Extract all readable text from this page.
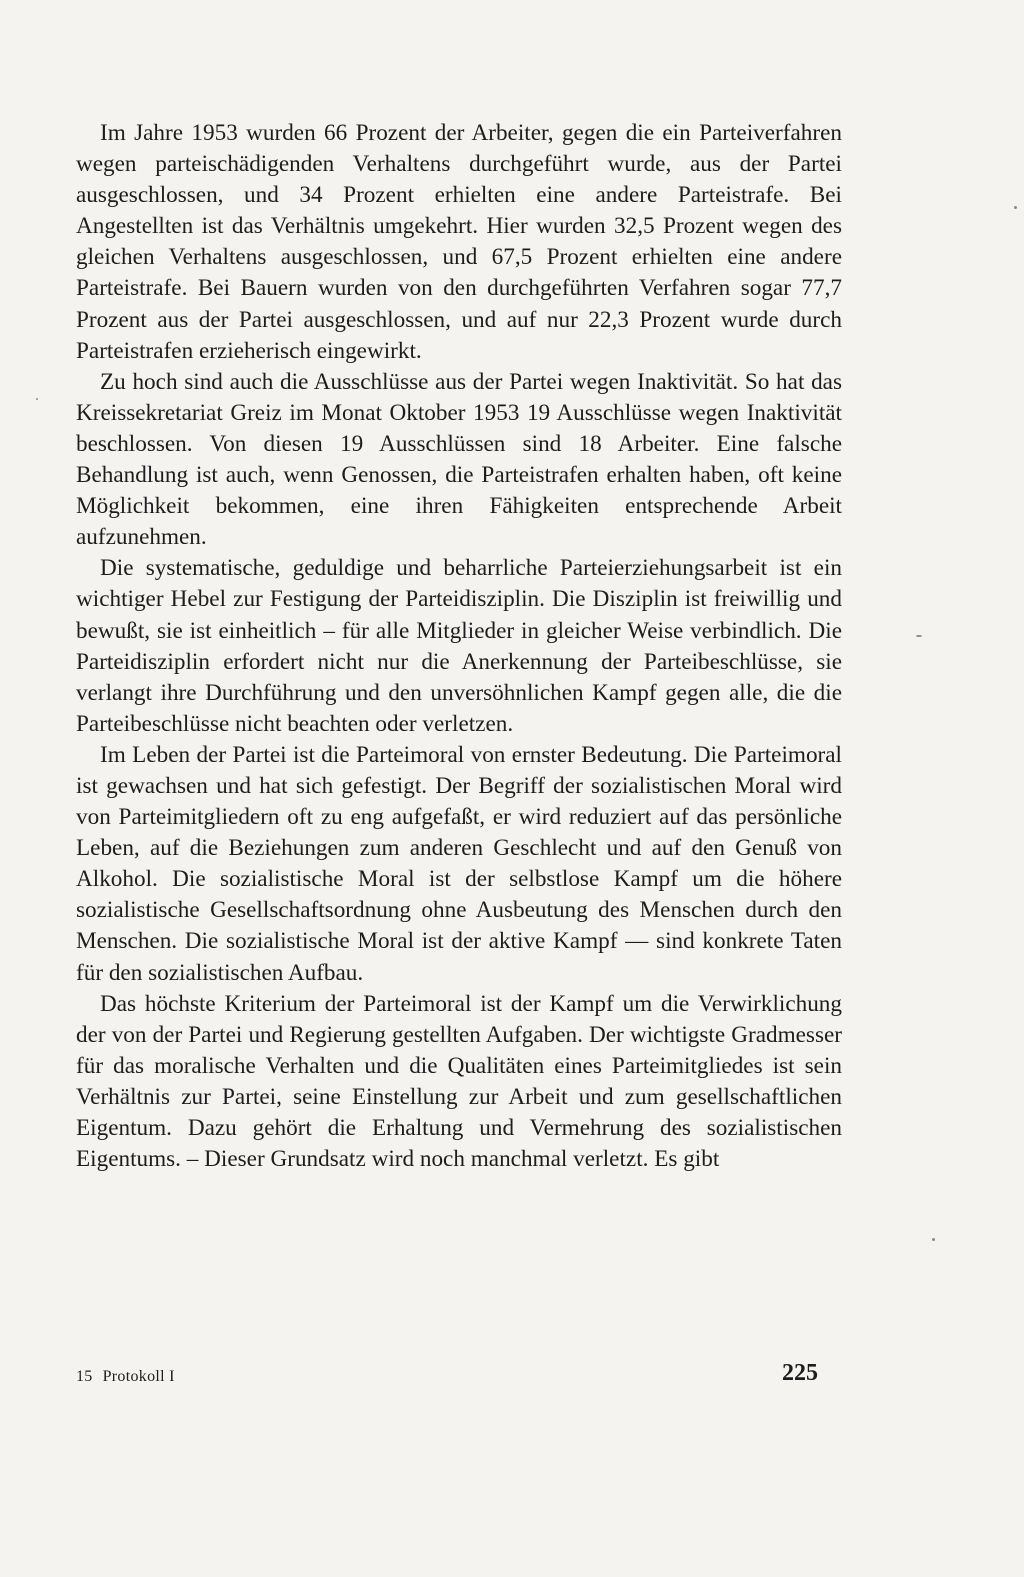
Im Jahre 1953 wurden 66 Prozent der Arbeiter, gegen die ein Parteiverfahren wegen parteischädigenden Verhaltens durchgeführt wurde, aus der Partei ausgeschlossen, und 34 Prozent erhielten eine andere Parteistrafe. Bei Angestellten ist das Verhältnis umgekehrt. Hier wurden 32,5 Prozent wegen des gleichen Verhaltens ausgeschlossen, und 67,5 Prozent erhielten eine andere Parteistrafe. Bei Bauern wurden von den durchgeführten Verfahren sogar 77,7 Prozent aus der Partei ausgeschlossen, und auf nur 22,3 Prozent wurde durch Parteistrafen erzieherisch eingewirkt.

Zu hoch sind auch die Ausschlüsse aus der Partei wegen Inaktivität. So hat das Kreissekretariat Greiz im Monat Oktober 1953 19 Ausschlüsse wegen Inaktivität beschlossen. Von diesen 19 Ausschlüssen sind 18 Arbeiter. Eine falsche Behandlung ist auch, wenn Genossen, die Parteistrafen erhalten haben, oft keine Möglichkeit bekommen, eine ihren Fähigkeiten entsprechende Arbeit aufzunehmen.

Die systematische, geduldige und beharrliche Parteierziehungsarbeit ist ein wichtiger Hebel zur Festigung der Parteidisziplin. Die Disziplin ist freiwillig und bewußt, sie ist einheitlich – für alle Mitglieder in gleicher Weise verbindlich. Die Parteidisziplin erfordert nicht nur die Anerkennung der Parteibeschlüsse, sie verlangt ihre Durchführung und den unversöhnlichen Kampf gegen alle, die die Parteibeschlüsse nicht beachten oder verletzen.

Im Leben der Partei ist die Parteimoral von ernster Bedeutung. Die Parteimoral ist gewachsen und hat sich gefestigt. Der Begriff der sozialistischen Moral wird von Parteimitgliedern oft zu eng aufgefaßt, er wird reduziert auf das persönliche Leben, auf die Beziehungen zum anderen Geschlecht und auf den Genuß von Alkohol. Die sozialistische Moral ist der selbstlose Kampf um die höhere sozialistische Gesellschaftsordnung ohne Ausbeutung des Menschen durch den Menschen. Die sozialistische Moral ist der aktive Kampf — sind konkrete Taten für den sozialistischen Aufbau.

Das höchste Kriterium der Parteimoral ist der Kampf um die Verwirklichung der von der Partei und Regierung gestellten Aufgaben. Der wichtigste Gradmesser für das moralische Verhalten und die Qualitäten eines Parteimitgliedes ist sein Verhältnis zur Partei, seine Einstellung zur Arbeit und zum gesellschaftlichen Eigentum. Dazu gehört die Erhaltung und Vermehrung des sozialistischen Eigentums. – Dieser Grundsatz wird noch manchmal verletzt. Es gibt

15 Protokoll I	225
